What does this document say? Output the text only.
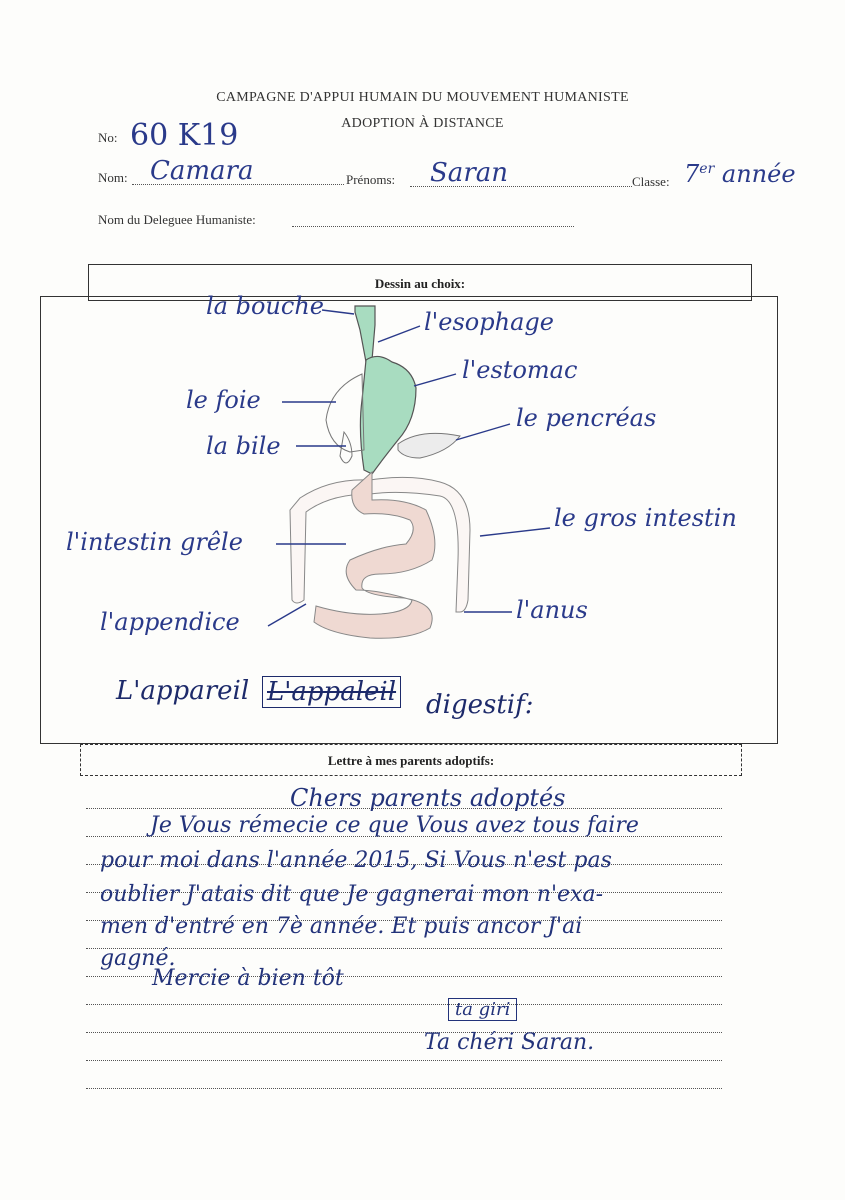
CAMPAGNE D'APPUI HUMAIN DU MOUVEMENT HUMANISTE
ADOPTION À DISTANCE
No: 60 K19
Nom: Camara	Prénoms: Saran	Classe: 7er année
Nom du Deleguee Humaniste:
Dessin au choix:
la bouche
l'esophage
l'estomac
le foie
le pencréas
la bile
le gros intestin
l'intestin grêle
l'appendice	l'anus
L'appareil L'appaleil digestif:
Lettre à mes parents adoptifs:
Chers parents adoptés
Je Vous rémecie ce que Vous avez tous faire
pour moi dans l'année 2015, Si Vous n'est pas
oublier J'atais dit que Je gagnerai mon n'exa-
men d'entré en 7è année. Et puis ancor J'ai
gagné.
Mercie à bien tôt
ta giri
Ta chéri Saran.
